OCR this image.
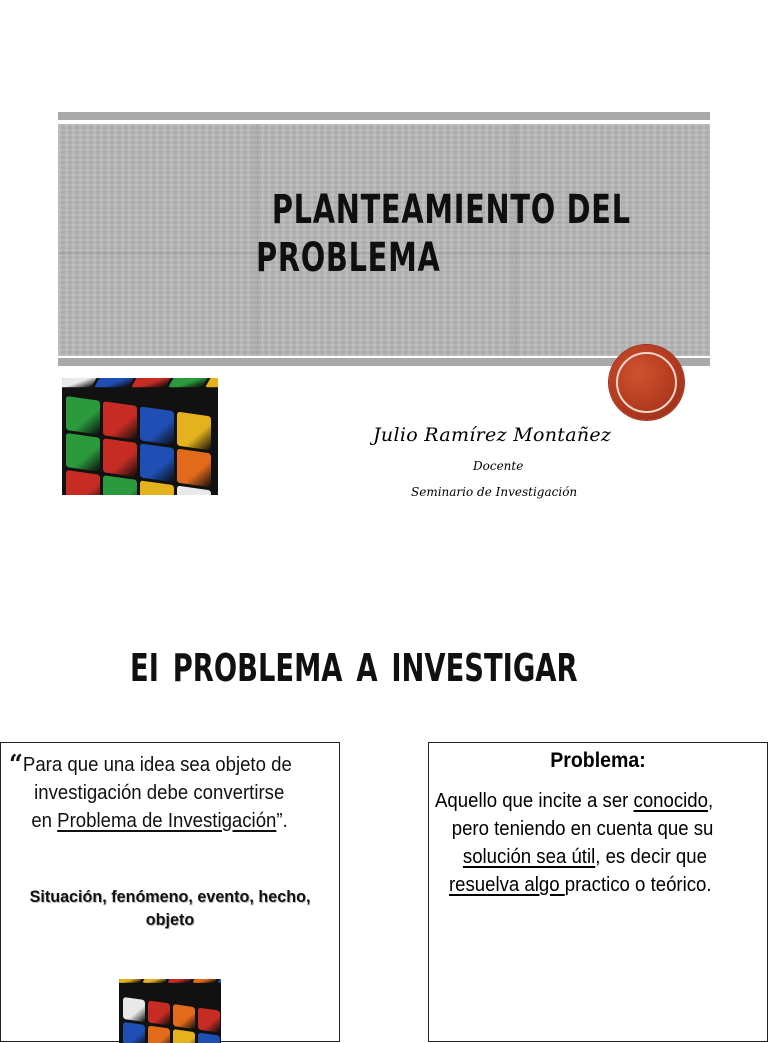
PLANTEAMIENTO DEL
PROBLEMA
Julio Ramírez Montañez
Docente
Seminario de Investigación
EI PROBLEMA A INVESTIGAR
“Para que una idea sea objeto de
investigación debe convertirse
en Problema de Investigación”.
Situación, fenómeno, evento, hecho, objeto
Problema:
Aquello que incite a ser conocido,
pero teniendo en cuenta que su
solución sea útil, es decir que
resuelva algo practico o teórico.
